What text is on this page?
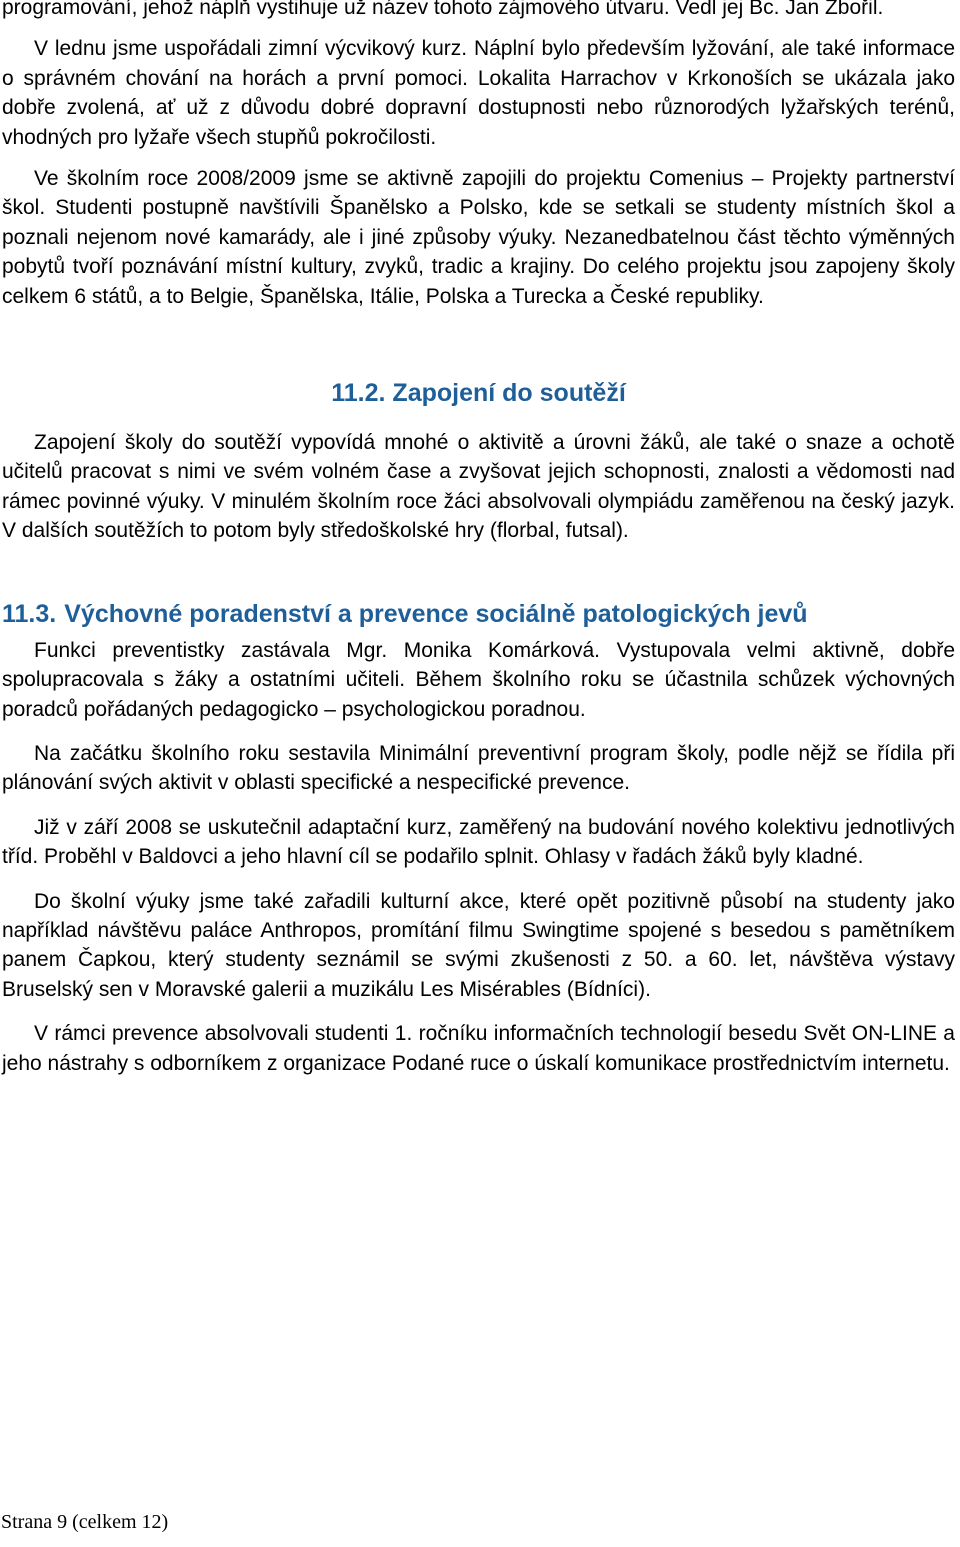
programování, jehož náplň vystihuje už název tohoto zájmového útvaru. Vedl jej Bc. Jan Zbořil.

V lednu jsme uspořádali zimní výcvikový kurz. Náplní bylo především lyžování, ale také informace o správném chování na horách a první pomoci. Lokalita Harrachov v Krkonoších se ukázala jako dobře zvolená, ať už z důvodu dobré dopravní dostupnosti nebo různorodých lyžařských terénů, vhodných pro lyžaře všech stupňů pokročilosti.

Ve školním roce 2008/2009 jsme se aktivně zapojili do projektu Comenius – Projekty partnerství škol. Studenti postupně navštívili Španělsko a Polsko, kde se setkali se studenty místních škol a poznali nejenom nové kamarády, ale i jiné způsoby výuky. Nezanedbatelnou část těchto výměnných pobytů tvoří poznávání místní kultury, zvyků, tradic a krajiny. Do celého projektu jsou zapojeny školy celkem 6 států, a to Belgie, Španělska, Itálie, Polska a Turecka a České republiky.

11.2. Zapojení do soutěží

Zapojení školy do soutěží vypovídá mnohé o aktivitě a úrovni žáků, ale také o snaze a ochotě učitelů pracovat s nimi ve svém volném čase a zvyšovat jejich schopnosti, znalosti a vědomosti nad rámec povinné výuky. V minulém školním roce žáci absolvovali olympiádu zaměřenou na český jazyk. V dalších soutěžích to potom byly středoškolské hry (florbal, futsal).

11.3. Výchovné poradenství a prevence sociálně patologických jevů

Funkci preventistky zastávala Mgr. Monika Komárková. Vystupovala velmi aktivně, dobře spolupracovala s žáky a ostatními učiteli. Během školního roku se účastnila schůzek výchovných poradců pořádaných pedagogicko – psychologickou poradnou.

Na začátku školního roku sestavila Minimální preventivní program školy, podle nějž se řídila při plánování svých aktivit v oblasti specifické a nespecifické prevence.

Již v září 2008 se uskutečnil adaptační kurz, zaměřený na budování nového kolektivu jednotlivých tříd. Proběhl v Baldovci a jeho hlavní cíl se podařilo splnit. Ohlasy v řadách žáků byly kladné.

Do školní výuky jsme také zařadili kulturní akce, které opět pozitivně působí na studenty jako například návštěvu paláce Anthropos, promítání filmu Swingtime spojené s besedou s pamětníkem panem Čapkou, který studenty seznámil se svými zkušenosti z 50. a 60. let, návštěva výstavy Bruselský sen v Moravské galerii a muzikálu Les Misérables (Bídníci).

V rámci prevence absolvovali studenti 1. ročníku informačních technologií besedu Svět ON-LINE a jeho nástrahy s odborníkem z organizace Podané ruce o úskalí komunikace prostřednictvím internetu.

Strana 9 (celkem 12)
